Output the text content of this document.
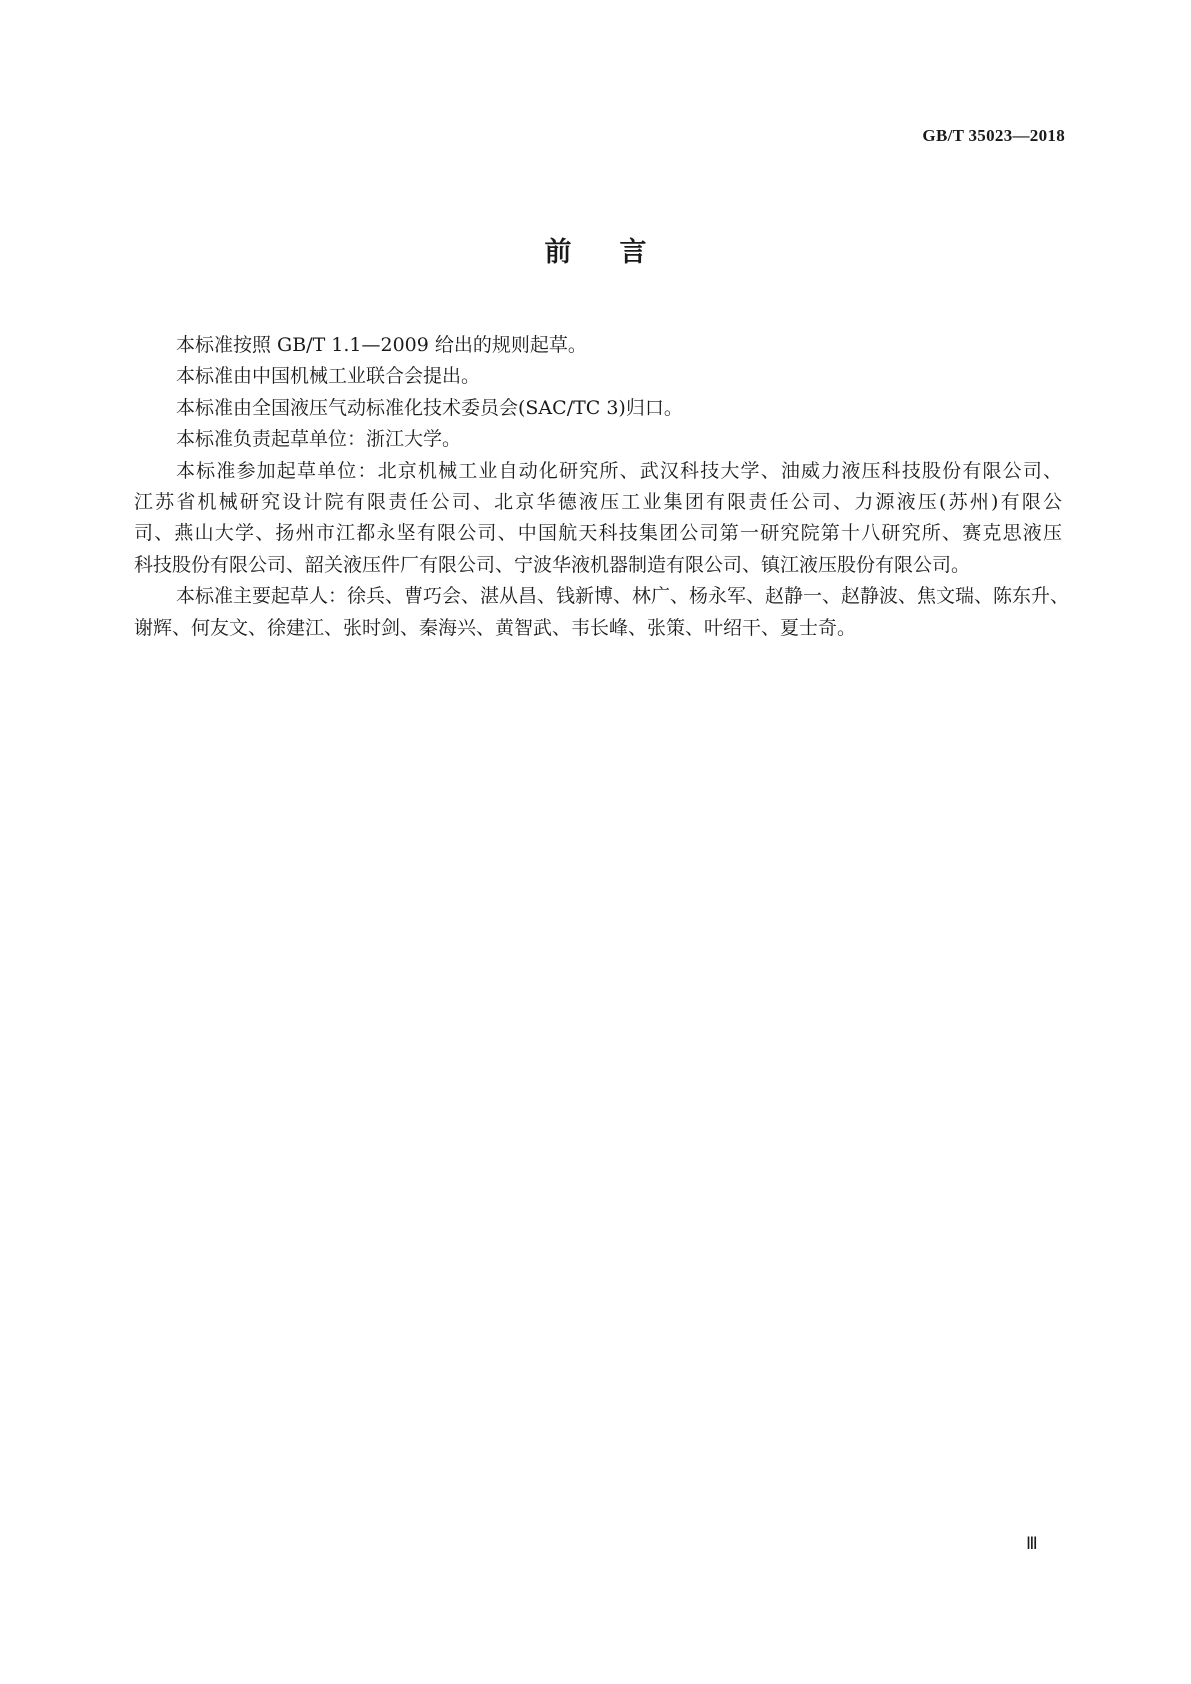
GB/T 35023—2018
前 言
本标准按照 GB/T 1.1—2009 给出的规则起草。
本标准由中国机械工业联合会提出。
本标准由全国液压气动标准化技术委员会(SAC/TC 3)归口。
本标准负责起草单位：浙江大学。
本标准参加起草单位：北京机械工业自动化研究所、武汉科技大学、油威力液压科技股份有限公司、
江苏省机械研究设计院有限责任公司、北京华德液压工业集团有限责任公司、力源液压(苏州)有限公
司、燕山大学、扬州市江都永坚有限公司、中国航天科技集团公司第一研究院第十八研究所、赛克思液压
科技股份有限公司、韶关液压件厂有限公司、宁波华液机器制造有限公司、镇江液压股份有限公司。
本标准主要起草人：徐兵、曹巧会、湛从昌、钱新博、林广、杨永军、赵静一、赵静波、焦文瑞、陈东升、
谢辉、何友文、徐建江、张时剑、秦海兴、黄智武、韦长峰、张策、叶绍干、夏士奇。
Ⅲ
